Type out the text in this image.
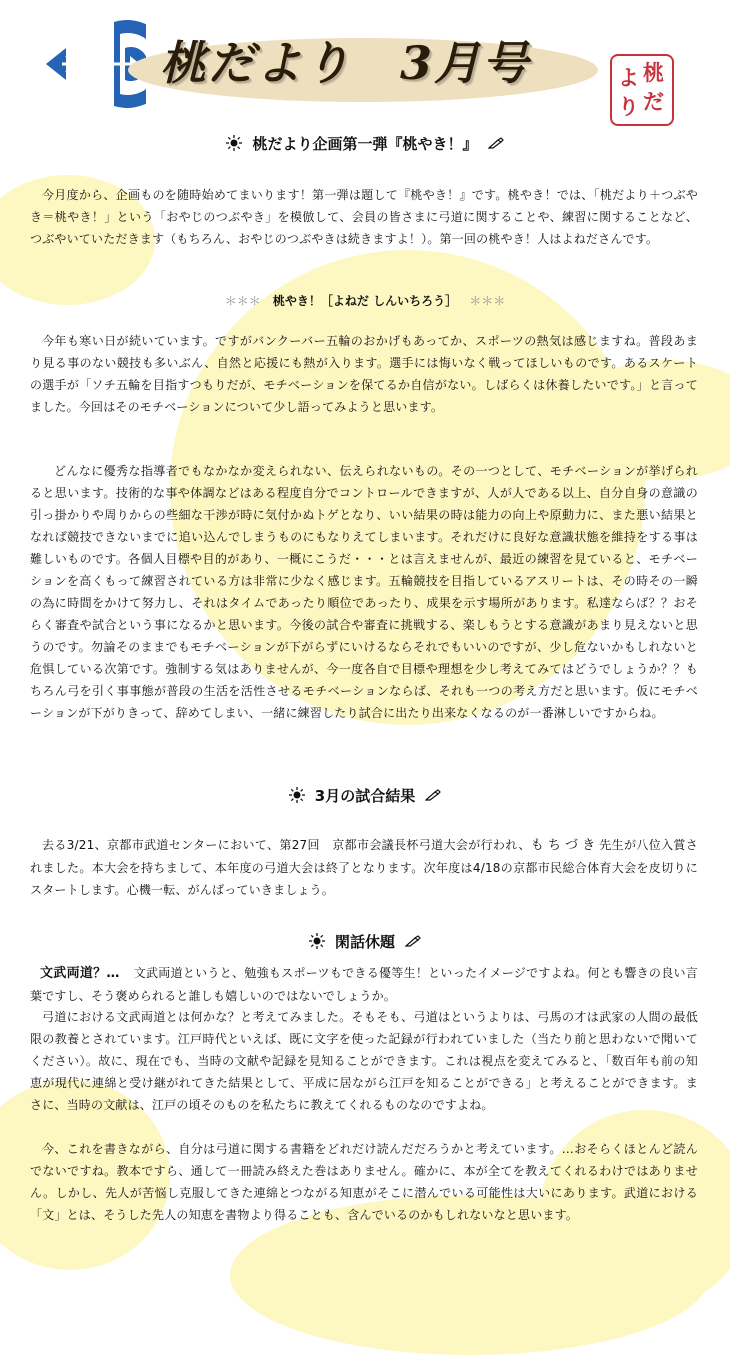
桃だより　3月号	桃
だ
よ
り
桃だより企画第一弾『桃やき！』
今月度から、企画ものを随時始めてまいります！第一弾は題して『桃やき！』です。桃やき！では、「桃だより＋つぶやき＝桃やき！」という「おやじのつぶやき」を模倣して、会員の皆さまに弓道に関することや、練習に関することなど、つぶやいていただきます（もちろん、おやじのつぶやきは続きますよ！）。第一回の桃やき！人はよねださんです。
＊＊＊ 桃やき！［よねだ しんいちろう］ ＊＊＊
今年も寒い日が続いています。ですがバンクーバー五輪のおかげもあってか、スポーツの熱気は感じますね。普段あまり見る事のない競技も多いぶん、自然と応援にも熱が入ります。選手には悔いなく戦ってほしいものです。あるスケートの選手が「ソチ五輪を目指すつもりだが、モチベーションを保てるか自信がない。しばらくは休養したいです。」と言ってました。今回はそのモチベーションについて少し語ってみようと思います。
どんなに優秀な指導者でもなかなか変えられない、伝えられないもの。その一つとして、モチベーションが挙げられると思います。技術的な事や体調などはある程度自分でコントロールできますが、人が人である以上、自分自身の意識の引っ掛かりや周りからの些細な干渉が時に気付かぬトゲとなり、いい結果の時は能力の向上や原動力に、また悪い結果となれば競技できないまでに追い込んでしまうものにもなりえてしまいます。それだけに良好な意識状態を維持をする事は難しいものです。各個人目標や目的があり、一概にこうだ・・・とは言えませんが、最近の練習を見ていると、モチベーションを高くもって練習されている方は非常に少なく感じます。五輪競技を目指しているアスリートは、その時その一瞬の為に時間をかけて努力し、それはタイムであったり順位であったり、成果を示す場所があります。私達ならば？？おそらく審査や試合という事になるかと思います。今後の試合や審査に挑戦する、楽しもうとする意識があまり見えないと思うのです。勿論そのままでもモチベーションが下がらずにいけるならそれでもいいのですが、少し危ないかもしれないと危惧している次第です。強制する気はありませんが、今一度各自で目標や理想を少し考えてみてはどうでしょうか？？もちろん弓を引く事事態が普段の生活を活性させるモチベーションならば、それも一つの考え方だと思います。仮にモチベーションが下がりきって、辞めてしまい、一緒に練習したり試合に出たり出来なくなるのが一番淋しいですからね。
3月の試合結果
去る3/21、京都市武道センターにおいて、第27回　京都市会議長杯弓道大会が行われ、もちづき先生が八位入賞されました。本大会を持ちまして、本年度の弓道大会は終了となります。次年度は4/18の京都市民総合体育大会を皮切りにスタートします。心機一転、がんばっていきましょう。
閑話休題
文武両道？… 文武両道というと、勉強もスポーツもできる優等生！といったイメージですよね。何とも響きの良い言葉ですし、そう褒められると誰しも嬉しいのではないでしょうか。
弓道における文武両道とは何かな？と考えてみました。そもそも、弓道はというよりは、弓馬の才は武家の人間の最低限の教養とされています。江戸時代といえば、既に文字を使った記録が行われていました（当たり前と思わないで聞いてください）。故に、現在でも、当時の文献や記録を見知ることができます。これは視点を変えてみると、「数百年も前の知恵が現代に連綿と受け継がれてきた結果として、平成に居ながら江戸を知ることができる」と考えることができます。まさに、当時の文献は、江戸の頃そのものを私たちに教えてくれるものなのですよね。
今、これを書きながら、自分は弓道に関する書籍をどれだけ読んだだろうかと考えています。…おそらくほとんど読んでないですね。教本ですら、通して一冊読み終えた巻はありません。確かに、本が全てを教えてくれるわけではありません。しかし、先人が苦悩し克服してきた連綿とつながる知恵がそこに潜んでいる可能性は大いにあります。武道における「文」とは、そうした先人の知恵を書物より得ることも、含んでいるのかもしれないなと思います。
